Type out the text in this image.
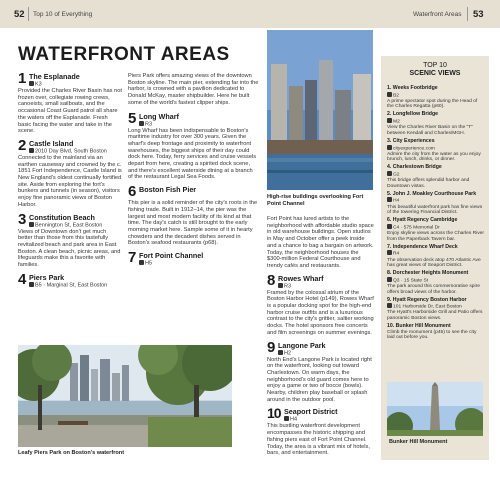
52 Top 10 of Everything	Waterfront Areas 53
WATERFRONT AREAS
1 The Esplanade
K3
Provided the Charles River Basin has not frozen over, collegiate rowing crews, canoeists, small sailboats, and the occasional Coast Guard patrol all share the waters off the Esplanade. Fresh basic facing the water and take in the scene.
2 Castle Island
2010 Day Blvd, South Boston
Connected to the mainland via an earthen causeway and crowned by the c. 1851 Fort Independence, Castle Island is New England's oldest continually fortified site. Aside from exploring the fort's bunkers and tunnels (in season), visitors enjoy fine panoramic views of Boston Harbor.
3 Constitution Beach
Bennington St, East Boston
Views of Downtown don't get much better than those from this tastefully revitalized beach and park area in East Boston. A clean beach, picnic areas, and lifeguards make this a favorite with families.
4 Piers Park
B5 · Marginal St, East Boston
Piers Park offers amazing views of the downtown Boston skyline. The main pier, extending far into the harbor, is crowned with a pavilion dedicated to Donald McKay, master shipbuilder. Here he built some of the world's fastest clipper ships.
5 Long Wharf
R3
Long Wharf has been indispensable to Boston's maritime industry for over 300 years. Given the wharf's deep frontage and proximity to waterfront warehouses, the biggest ships of their day could dock here. Today, ferry services and cruise vessels depart from here, creating a spirited dock scene, and there's excellent waterside dining at a branch of the restaurant Legal Sea Foods.
6 Boston Fish Pier
This pier is a solid reminder of the city's roots in the fishing trade. Built in 1912–14, the pier was the largest and most modern facility of its kind at that time. The day's catch is still brought to the early morning market here. Sample some of it in hearty chowders and the decadent dishes served in Boston's seafood restaurants (p68).
7 Fort Point Channel
H5
Fort Point has lured artists to the neighborhood with affordable studio space in old warehouse buildings. Open studios in May and October offer a peek inside and a chance to bag a bargain on artwork. Today, the neighborhood houses the $300-million Federal Courthouse and trendy cafés and restaurants.
8 Rowes Wharf
R3
Framed by the colossal atrium of the Boston Harbor Hotel (p149), Rowes Wharf is a popular docking spot for the high-end harbor cruise outfits and is a luxurious contrast to the city's grittier, saltier working docks. The hotel sponsors free concerts and film screenings on summer evenings.
9 Langone Park
H2
North End's Langone Park is located right on the waterfront, looking out toward Charlestown. On warm days, the neighborhood's old guard comes here to enjoy a game or two of bocce (bowls). Nearby, children play baseball or splash around in the outdoor pool.
10 Seaport District
H4
This bustling waterfront development encompasses the historic shipping and fishing piers east of Fort Point Channel. Today, the area is a vibrant mix of hotels, bars, and entertainment.
Leafy Piers Park on Boston's waterfront
High-rise buildings overlooking Fort Point Channel
TOP 10
SCENIC VIEWS
1. Weeks Footbridge
B2
A prime spectator spot during the Head of the Charles Regatta (p60).
2. Longfellow Bridge
M2
View the Charles River Basin on the "T" between Kendall and Charles/MGH.
3. City Experiences
cityexperience.com
Admire the city from the water as you enjoy brunch, lunch, drinks, or dinner.
4. Charlestown Bridge
G2
This bridge offers splendid harbor and Downtown vistas.
5. John J. Moakley Courthouse Park
H4
This beautiful waterfront park has fine views of the towering Financial District.
6. Hyatt Regency Cambridge
C4 · 575 Memorial Dr
Enjoy skyline views across the Charles River from the Paperback Tavern bar.
7. Independence Wharf Deck
R4
The observation deck atop 470 Atlantic Ave has great views of Seaport District.
8. Dorchester Heights Monument
Q3 · 15 State St
The park around this commemorative spire offers broad views of the harbor.
9. Hyatt Regency Boston Harbor
101 Harborside Dr, East Boston
The Hyatt's Harborside Grill and Patio offers panoramic Boston views.
10. Bunker Hill Monument
Climb the monument (p45) to see the city laid out before you.
Bunker Hill Monument
